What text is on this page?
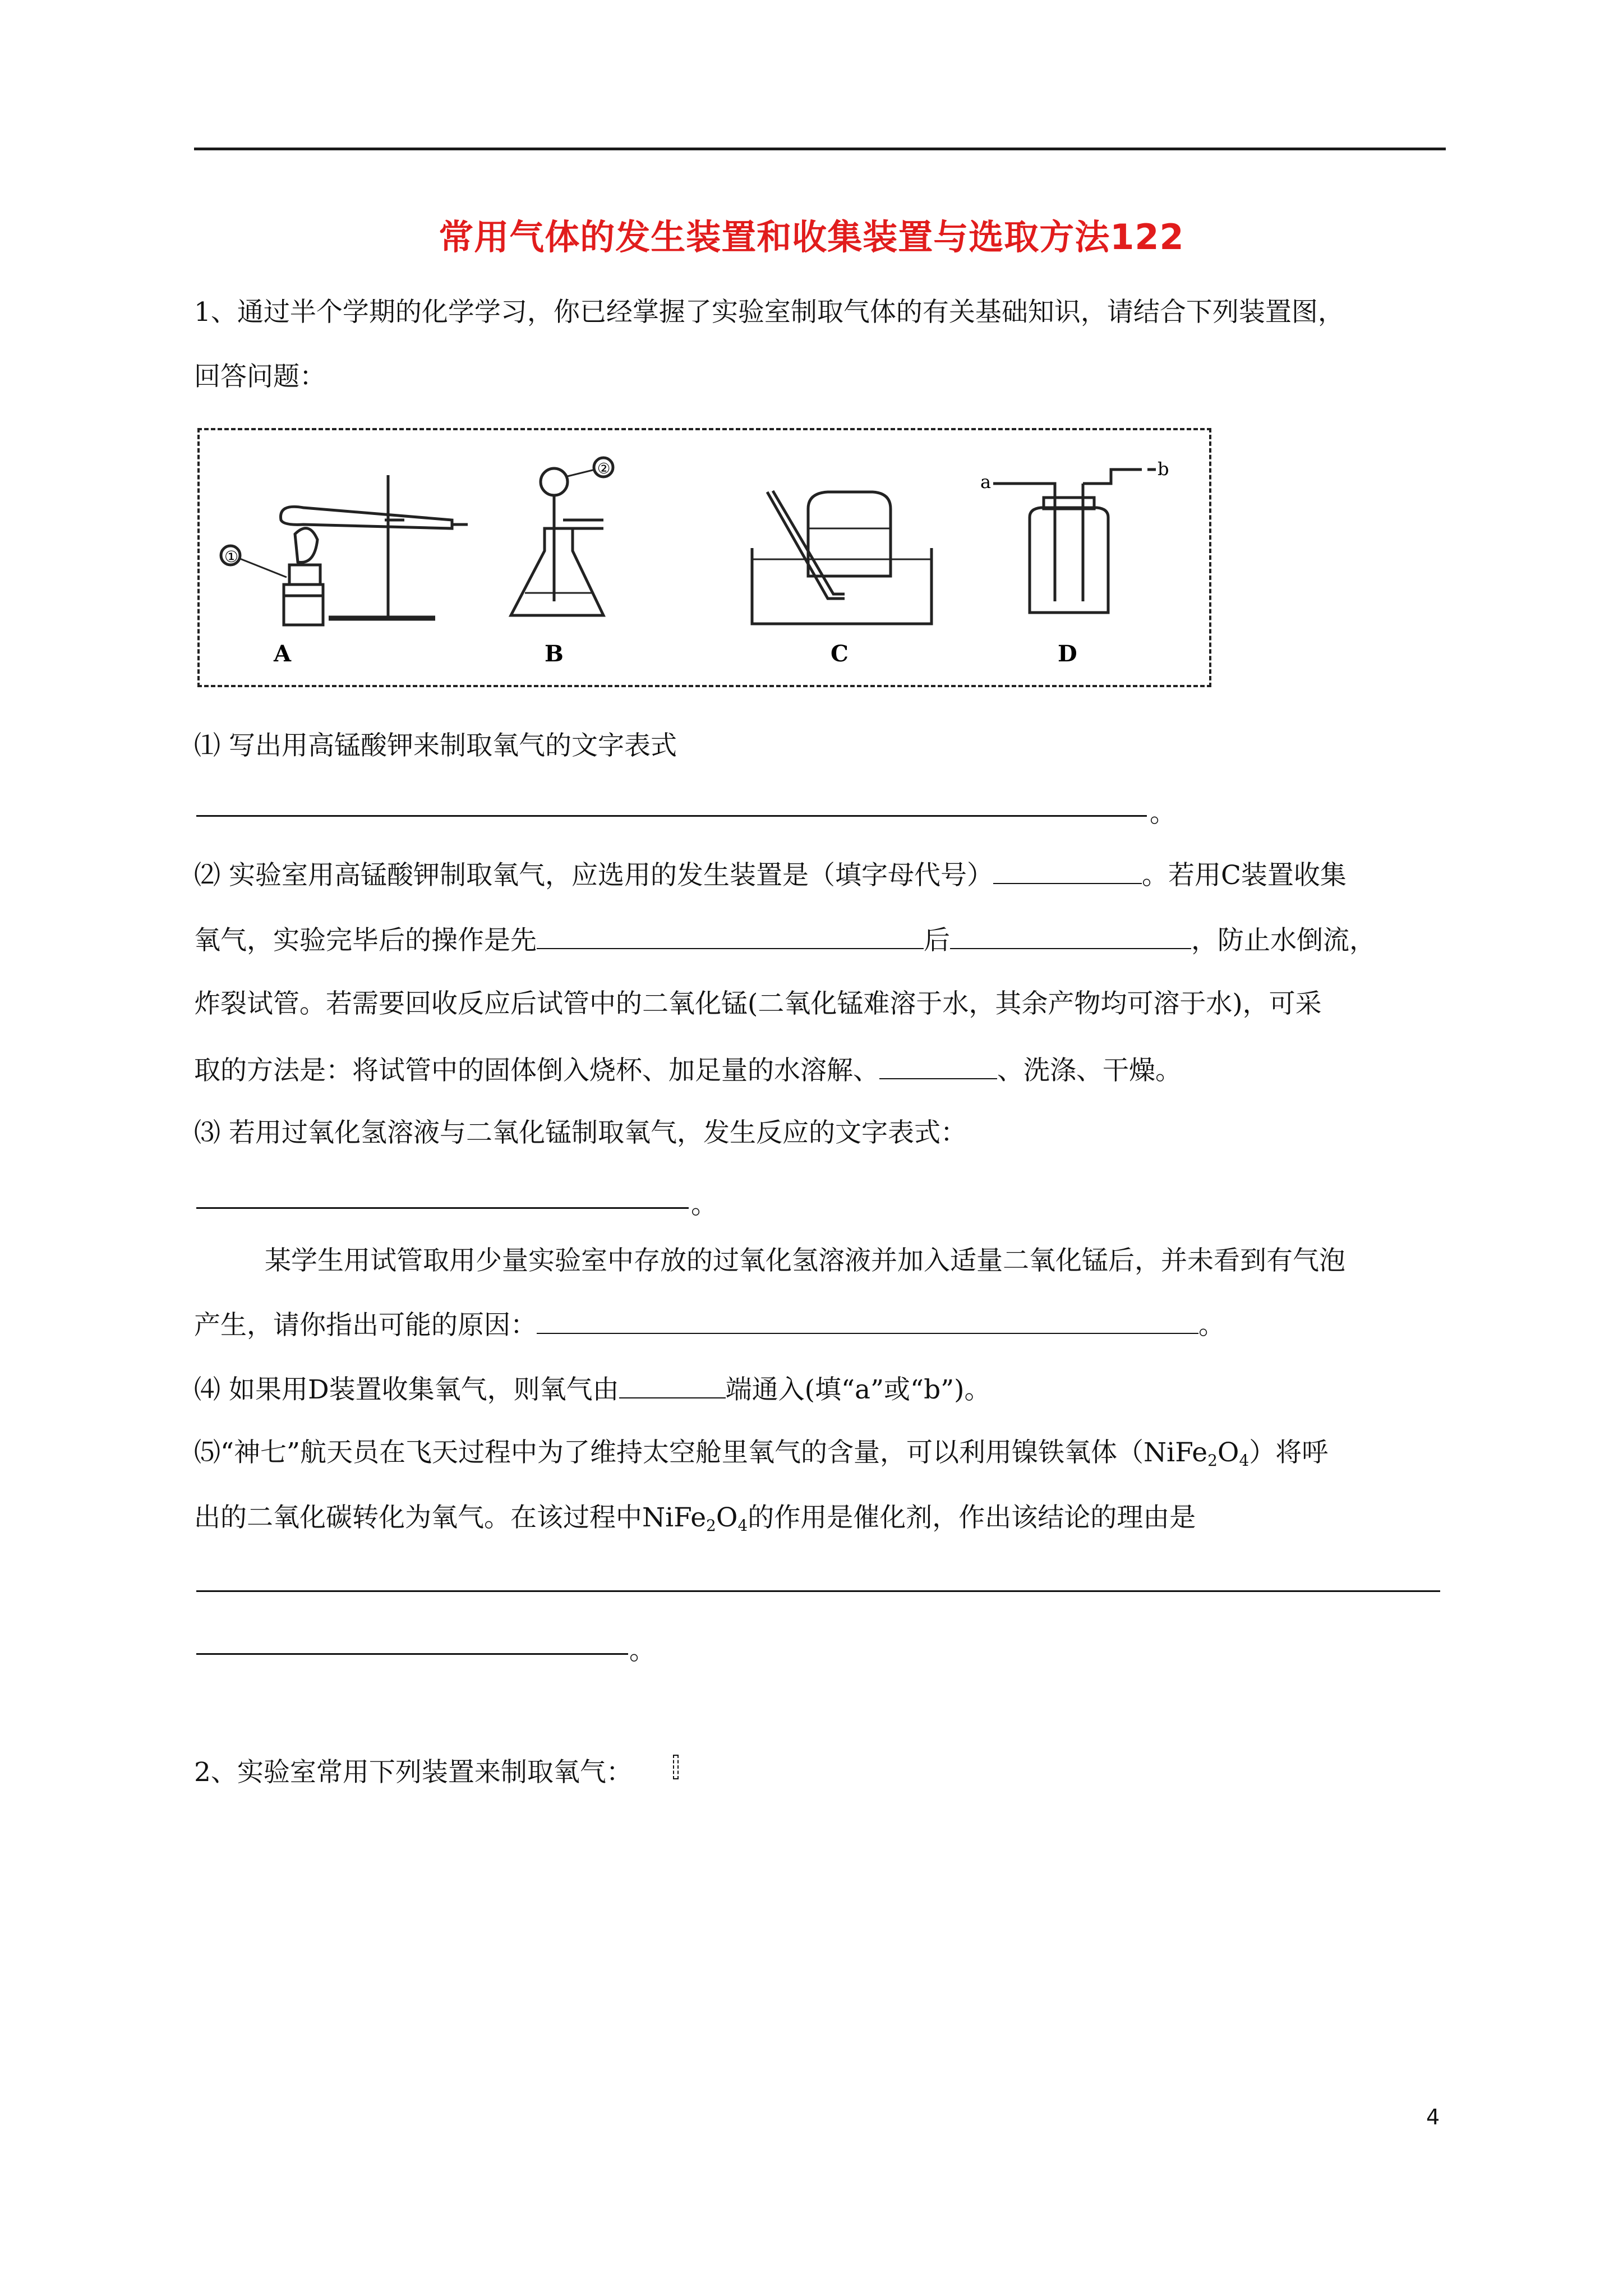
常用气体的发生装置和收集装置与选取方法122
1、通过半个学期的化学学习，你已经掌握了实验室制取气体的有关基础知识，请结合下列装置图，
回答问题：
A	B	C	D
①
②
a
b
⑴ 写出用高锰酸钾来制取氧气的文字表式
。
⑵ 实验室用高锰酸钾制取氧气，应选用的发生装置是（填字母代号）	。若用C装置收集
氧气，实验完毕后的操作是先	后	，防止水倒流，
炸裂试管。若需要回收反应后试管中的二氧化锰(二氧化锰难溶于水，其余产物均可溶于水)，可采
取的方法是：将试管中的固体倒入烧杯、加足量的水溶解、	、洗涤、干燥。
⑶ 若用过氧化氢溶液与二氧化锰制取氧气，发生反应的文字表式：
。
某学生用试管取用少量实验室中存放的过氧化氢溶液并加入适量二氧化锰后，并未看到有气泡
产生，请你指出可能的原因：	。
⑷ 如果用D装置收集氧气，则氧气由	端通入(填“a”或“b”)。
⑸“神七”航天员在飞天过程中为了维持太空舱里氧气的含量，可以利用镍铁氧体$(NiFe_2O_4)$将呼
出的二氧化碳转化为氧气。在该过程中$NiFe_2O_4$的作用是催化剂，作出该结论的理由是
。
2、实验室常用下列装置来制取氧气：
4
